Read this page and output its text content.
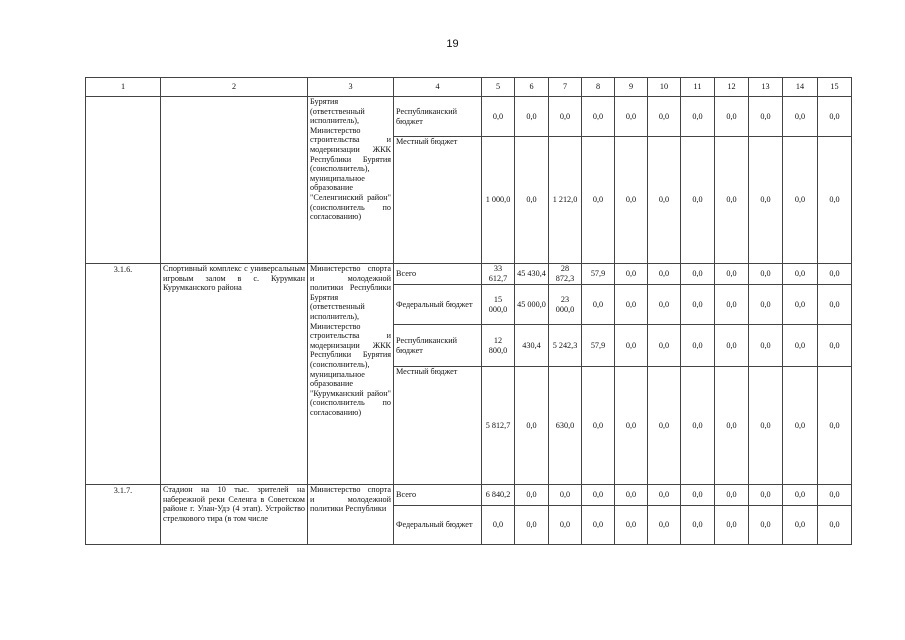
19
1	2	3	4	5	6	7	8	9	10	11	12	13	14	15
		Бурятия (ответственный исполнитель), Министерство строительства и модернизации ЖКК Республики Бурятия (соисполнитель), муниципальное образование "Селенгинский район" (соисполнитель по согласованию)	Республиканский бюджет	0,0	0,0	0,0	0,0	0,0	0,0	0,0	0,0	0,0	0,0	0,0
			Местный бюджет	1 000,0	0,0	1 212,0	0,0	0,0	0,0	0,0	0,0	0,0	0,0	0,0
3.1.6.	Спортивный комплекс с универсальным игровым залом в с. Курумкан Курумканского района	Министерство спорта и молодежной политики Республики Бурятия (ответственный исполнитель), Министерство строительства и модернизации ЖКК Республики Бурятия (соисполнитель), муниципальное образование "Курумканский район" (соисполнитель по согласованию)	Всего	33 612,7	45 430,4	28 872,3	57,9	0,0	0,0	0,0	0,0	0,0	0,0	0,0
			Федеральный бюджет	15 000,0	45 000,0	23 000,0	0,0	0,0	0,0	0,0	0,0	0,0	0,0	0,0
			Республиканский бюджет	12 800,0	430,4	5 242,3	57,9	0,0	0,0	0,0	0,0	0,0	0,0	0,0
			Местный бюджет	5 812,7	0,0	630,0	0,0	0,0	0,0	0,0	0,0	0,0	0,0	0,0
3.1.7.	Стадион на 10 тыс. зрителей на набережной реки Селенга в Советском районе г. Улан-Удэ (4 этап). Устройство стрелкового тира (в том числе	Министерство спорта и молодежной политики Республики	Всего	6 840,2	0,0	0,0	0,0	0,0	0,0	0,0	0,0	0,0	0,0	0,0
			Федеральный бюджет	0,0	0,0	0,0	0,0	0,0	0,0	0,0	0,0	0,0	0,0	0,0
